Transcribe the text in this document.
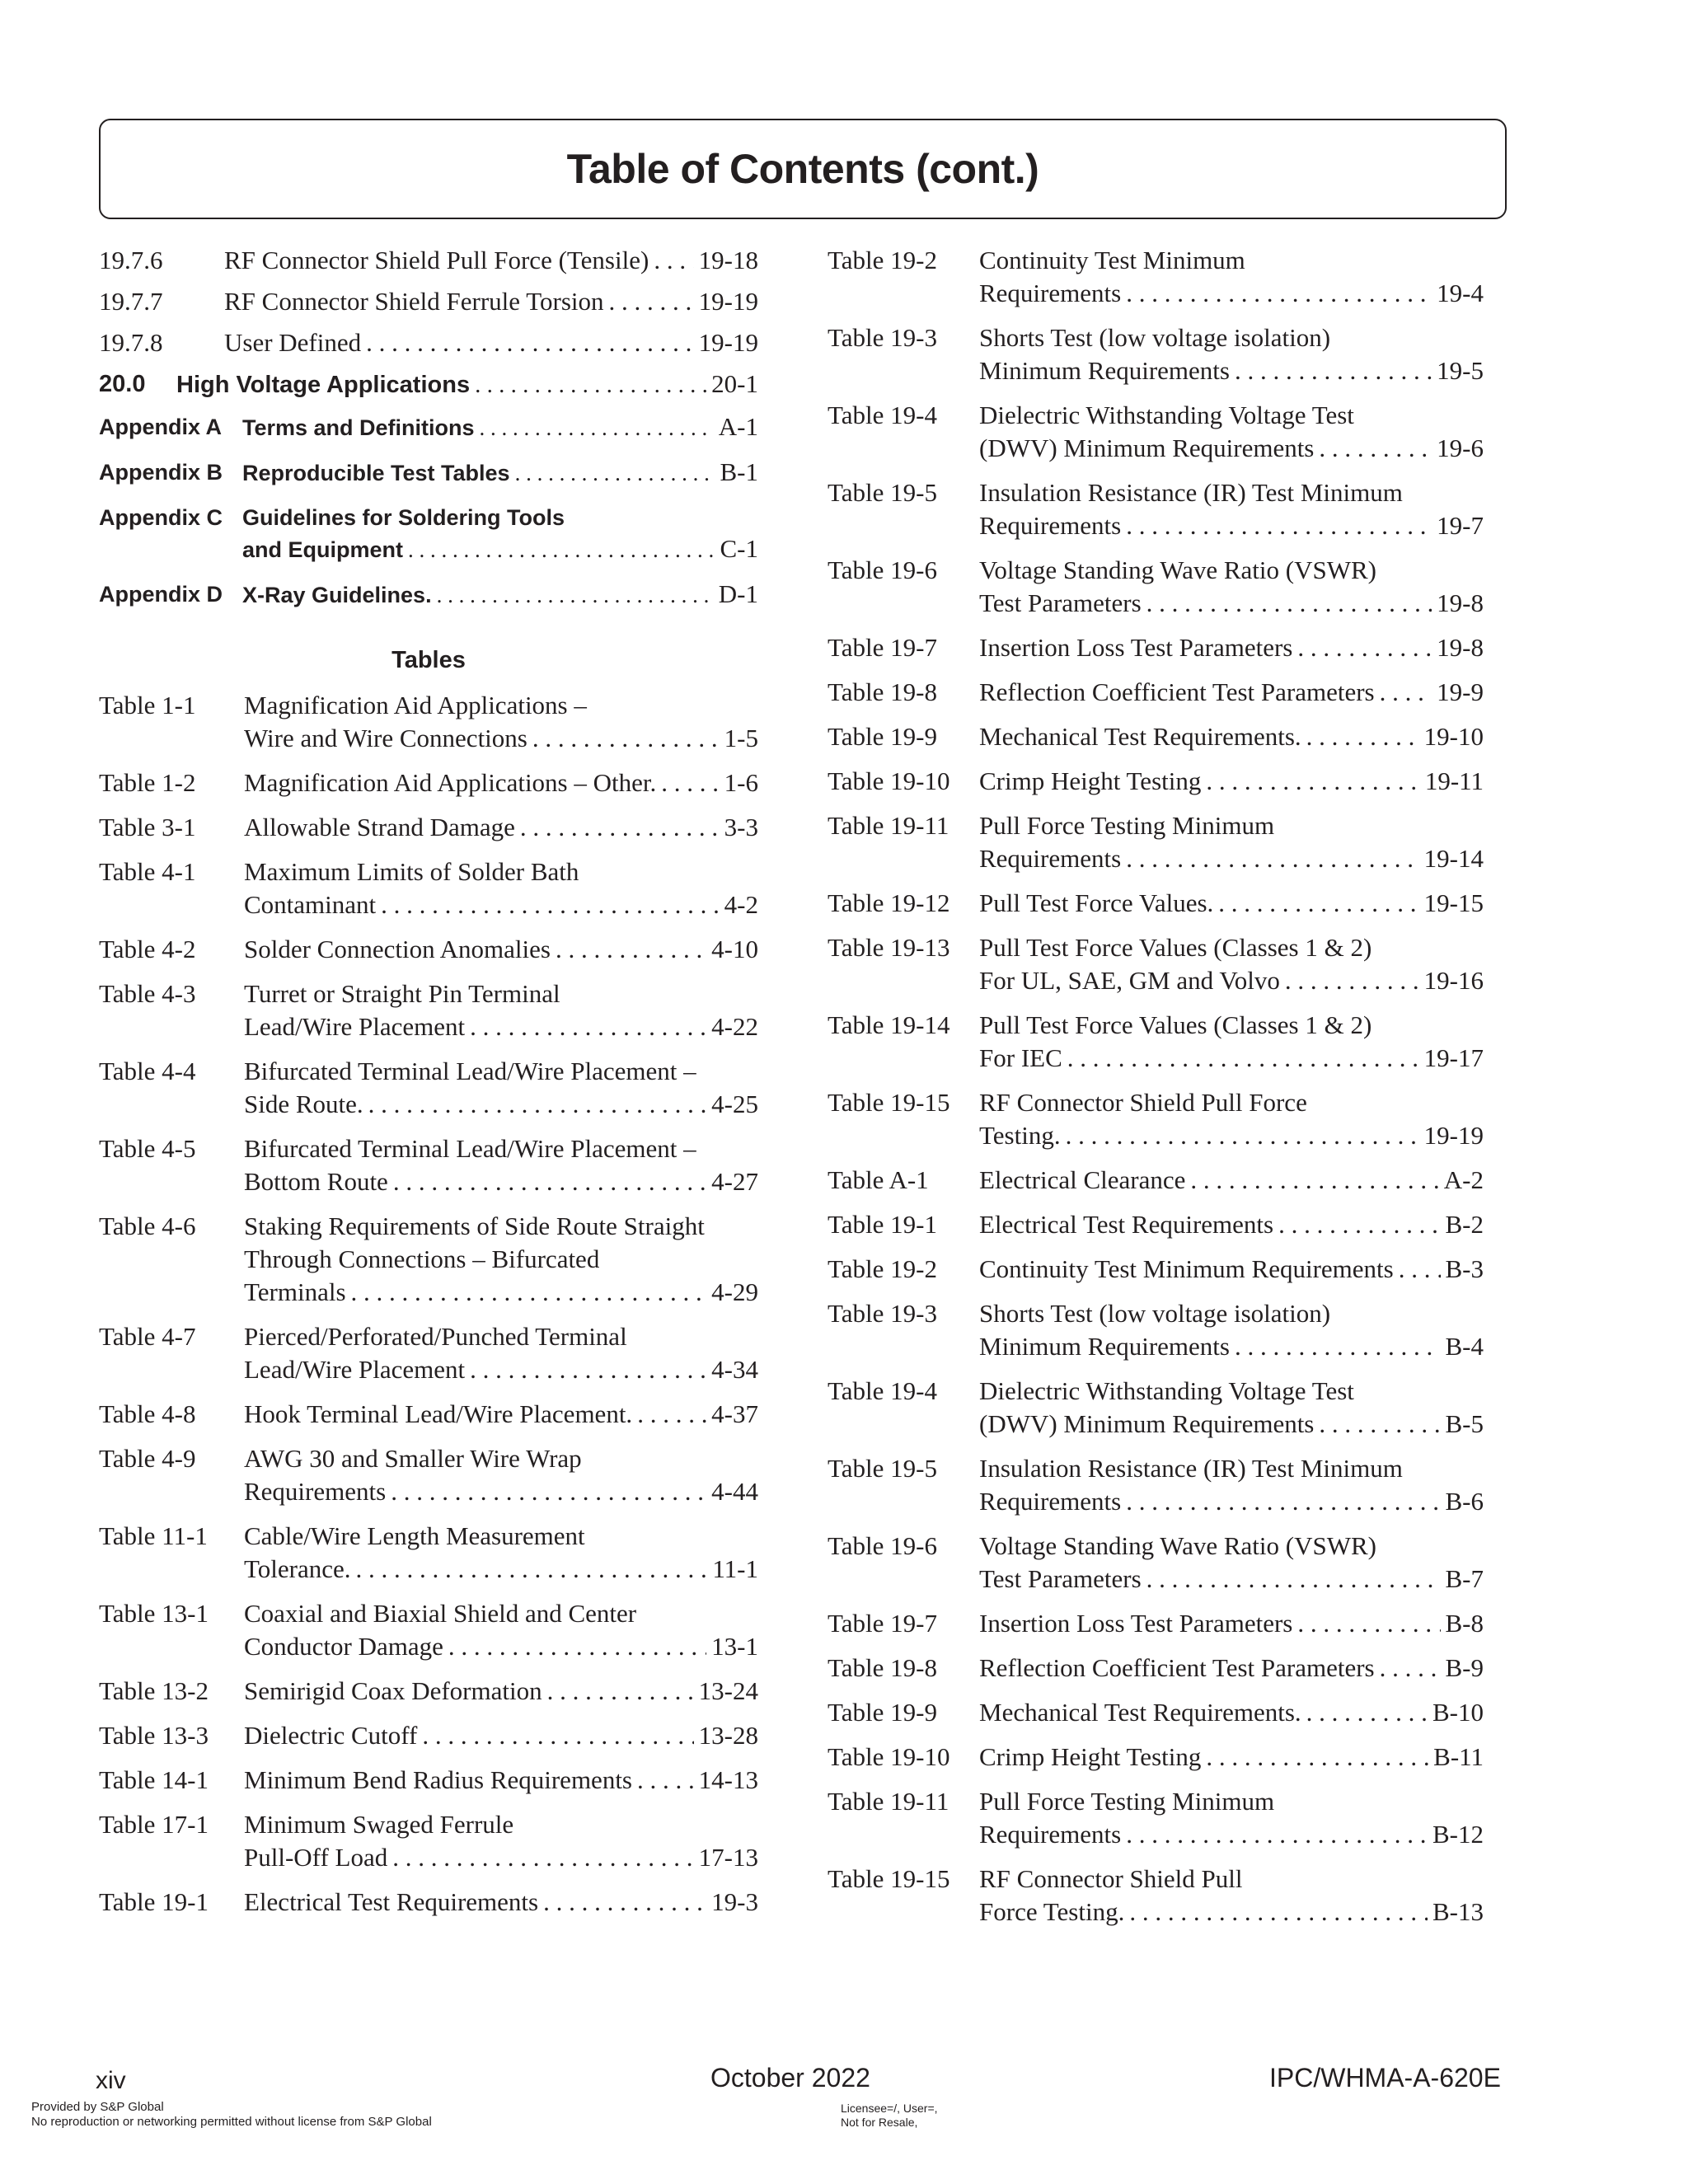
Table of Contents (cont.)
19.7.6 RF Connector Shield Pull Force (Tensile) . . . 19-18
19.7.7 RF Connector Shield Ferrule Torsion . . .	19-19
19.7.8 User Defined . . .	19-19
20.0 High Voltage Applications . . .	20-1
Appendix A Terms and Definitions . . .	A-1
Appendix B Reproducible Test Tables . . .	B-1
Appendix C Guidelines for Soldering Tools
and Equipment . . .	C-1
Appendix D X-Ray Guidelines. . . .	D-1
Tables
Table 1-1 Magnification Aid Applications –
Wire and Wire Connections . . .	1-5
Table 1-2 Magnification Aid Applications – Other. . . .	1-6
Table 3-1 Allowable Strand Damage . . .	3-3
Table 4-1 Maximum Limits of Solder Bath
Contaminant . . .	4-2
Table 4-2 Solder Connection Anomalies . . .	4-10
Table 4-3 Turret or Straight Pin Terminal
Lead/Wire Placement . . .	4-22
Table 4-4 Bifurcated Terminal Lead/Wire Placement –
Side Route. . . .	4-25
Table 4-5 Bifurcated Terminal Lead/Wire Placement –
Bottom Route . . .	4-27
Table 4-6 Staking Requirements of Side Route Straight
Through Connections – Bifurcated
Terminals . . .	4-29
Table 4-7 Pierced/Perforated/Punched Terminal
Lead/Wire Placement . . .	4-34
Table 4-8 Hook Terminal Lead/Wire Placement. . . .	4-37
Table 4-9 AWG 30 and Smaller Wire Wrap
Requirements . . .	4-44
Table 11-1 Cable/Wire Length Measurement
Tolerance. . . .	11-1
Table 13-1 Coaxial and Biaxial Shield and Center
Conductor Damage . . .	13-1
Table 13-2 Semirigid Coax Deformation . . .	13-24
Table 13-3 Dielectric Cutoff . . .	13-28
Table 14-1 Minimum Bend Radius Requirements . . .	14-13
Table 17-1 Minimum Swaged Ferrule
Pull-Off Load . . .	17-13
Table 19-1 Electrical Test Requirements . . .	19-3
Table 19-2 Continuity Test Minimum
Requirements . . .	19-4
Table 19-3 Shorts Test (low voltage isolation)
Minimum Requirements . . .	19-5
Table 19-4 Dielectric Withstanding Voltage Test
(DWV) Minimum Requirements . . .	19-6
Table 19-5 Insulation Resistance (IR) Test Minimum
Requirements . . .	19-7
Table 19-6 Voltage Standing Wave Ratio (VSWR)
Test Parameters . . .	19-8
Table 19-7 Insertion Loss Test Parameters . . .	19-8
Table 19-8 Reflection Coefficient Test Parameters . . . 19-9
Table 19-9 Mechanical Test Requirements. . . .	19-10
Table 19-10 Crimp Height Testing . . .	19-11
Table 19-11 Pull Force Testing Minimum
Requirements . . .	19-14
Table 19-12 Pull Test Force Values. . . .	19-15
Table 19-13 Pull Test Force Values (Classes 1 & 2)
For UL, SAE, GM and Volvo . . .	19-16
Table 19-14 Pull Test Force Values (Classes 1 & 2)
For IEC . . .	19-17
Table 19-15 RF Connector Shield Pull Force
Testing. . . .	19-19
Table A-1 Electrical Clearance . . .	A-2
Table 19-1 Electrical Test Requirements . . .	B-2
Table 19-2 Continuity Test Minimum Requirements . . . B-3
Table 19-3 Shorts Test (low voltage isolation)
Minimum Requirements . . .	B-4
Table 19-4 Dielectric Withstanding Voltage Test
(DWV) Minimum Requirements . . .	B-5
Table 19-5 Insulation Resistance (IR) Test Minimum
Requirements . . .	B-6
Table 19-6 Voltage Standing Wave Ratio (VSWR)
Test Parameters . . .	B-7
Table 19-7 Insertion Loss Test Parameters . . .	B-8
Table 19-8 Reflection Coefficient Test Parameters . . .	B-9
Table 19-9 Mechanical Test Requirements. . . .	B-10
Table 19-10 Crimp Height Testing . . .	B-11
Table 19-11 Pull Force Testing Minimum
Requirements . . .	B-12
Table 19-15 RF Connector Shield Pull
Force Testing. . . .	B-13
xiv	October 2022	IPC/WHMA-A-620E
Provided by S&P Global
No reproduction or networking permitted without license from S&P Global
Licensee=/, User=,
Not for Resale,
